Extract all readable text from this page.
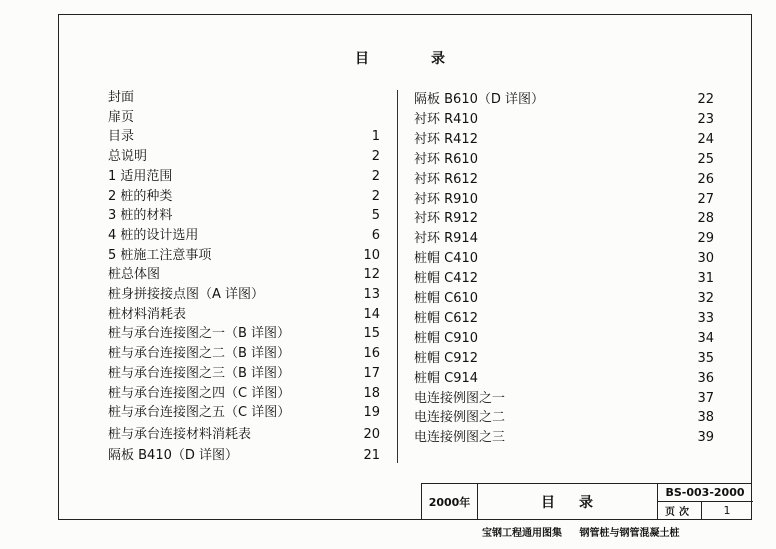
目	录
封面
扉页
目录	1
总说明	2
1 适用范围	2
2 桩的种类	2
3 桩的材料	5
4 桩的设计选用	6
5 桩施工注意事项	10
桩总体图	12
桩身拼接接点图（A 详图）	13
桩材料消耗表	14
桩与承台连接图之一（B 详图）	15
桩与承台连接图之二（B 详图）	16
桩与承台连接图之三（B 详图）	17
桩与承台连接图之四（C 详图）	18
桩与承台连接图之五（C 详图）	19
桩与承台连接材料消耗表	20
隔板 B410（D 详图）	21
隔板 B610（D 详图）	22
衬环 R410	23
衬环 R412	24
衬环 R610	25
衬环 R612	26
衬环 R910	27
衬环 R912	28
衬环 R914	29
桩帽 C410	30
桩帽 C412	31
桩帽 C610	32
桩帽 C612	33
桩帽 C910	34
桩帽 C912	35
桩帽 C914	36
电连接例图之一	37
电连接例图之二	38
电连接例图之三	39
2000年	目录
BS-003-2000
页次	1
宝钢工程通用图集 钢管桩与钢管混凝土桩
